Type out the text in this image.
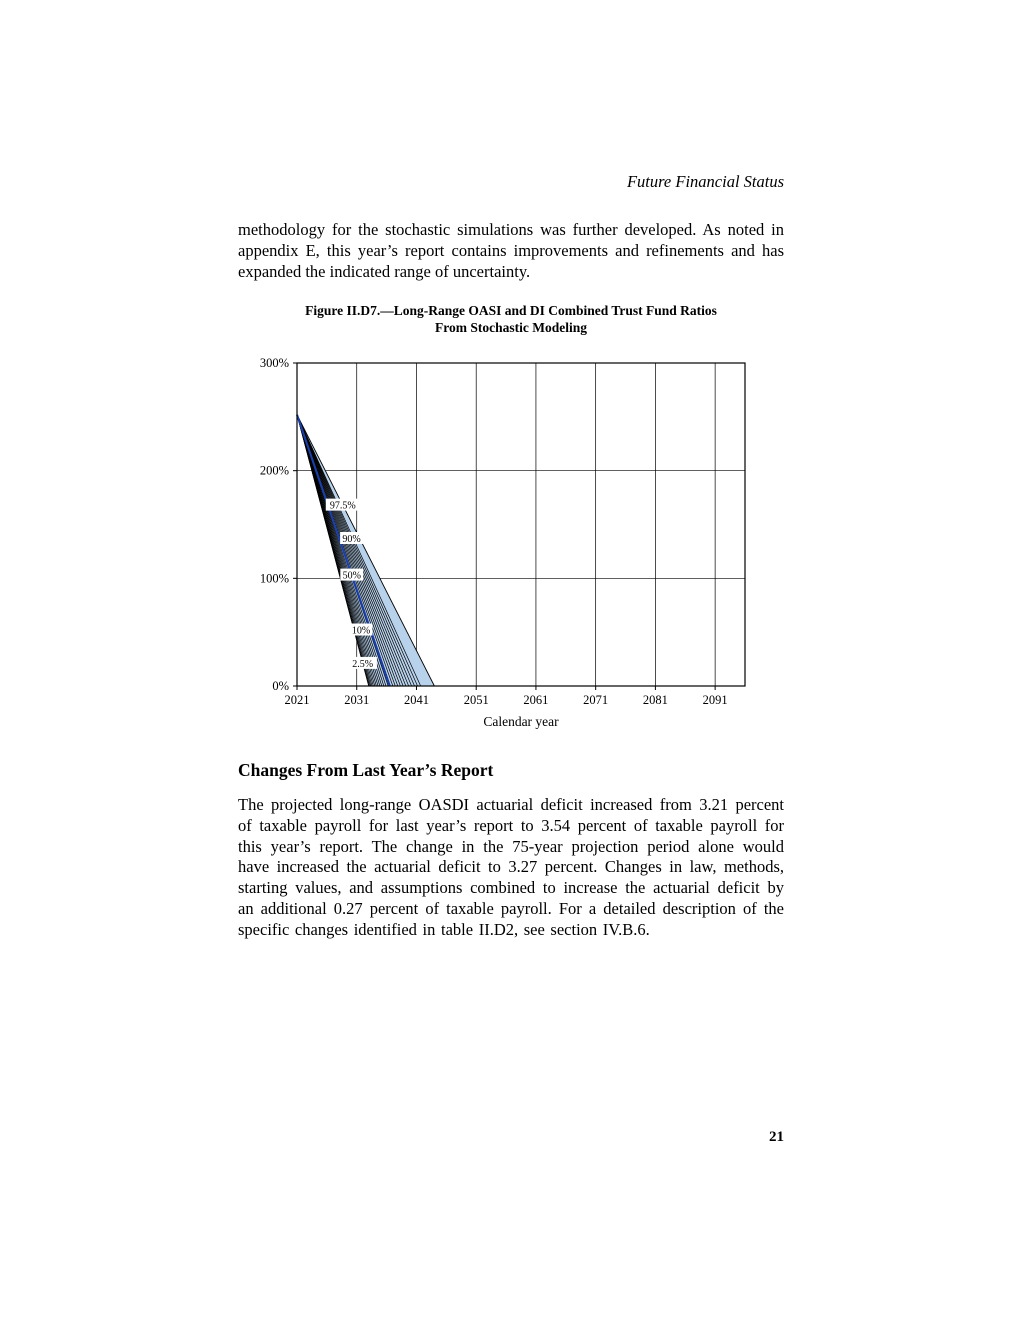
Future Financial Status

methodology for the stochastic simulations was further developed. As noted in appendix E, this year’s report contains improvements and refinements and has expanded the indicated range of uncertainty.

Figure II.D7.—Long-Range OASI and DI Combined Trust Fund Ratios
From Stochastic Modeling
0%
100%
200%
300%
2021	2031	2041	2051	2061	2071	2081	2091
Calendar year
2.5%
10%
50%
90%
97.5%
Changes From Last Year’s Report

The projected long-range OASDI actuarial deficit increased from 3.21 percent of taxable payroll for last year’s report to 3.54 percent of taxable payroll for this year’s report. The change in the 75-year projection period alone would have increased the actuarial deficit to 3.27 percent. Changes in law, methods, starting values, and assumptions combined to increase the actuarial deficit by an additional 0.27 percent of taxable payroll. For a detailed description of the specific changes identified in table II.D2, see section IV.B.6.

21
